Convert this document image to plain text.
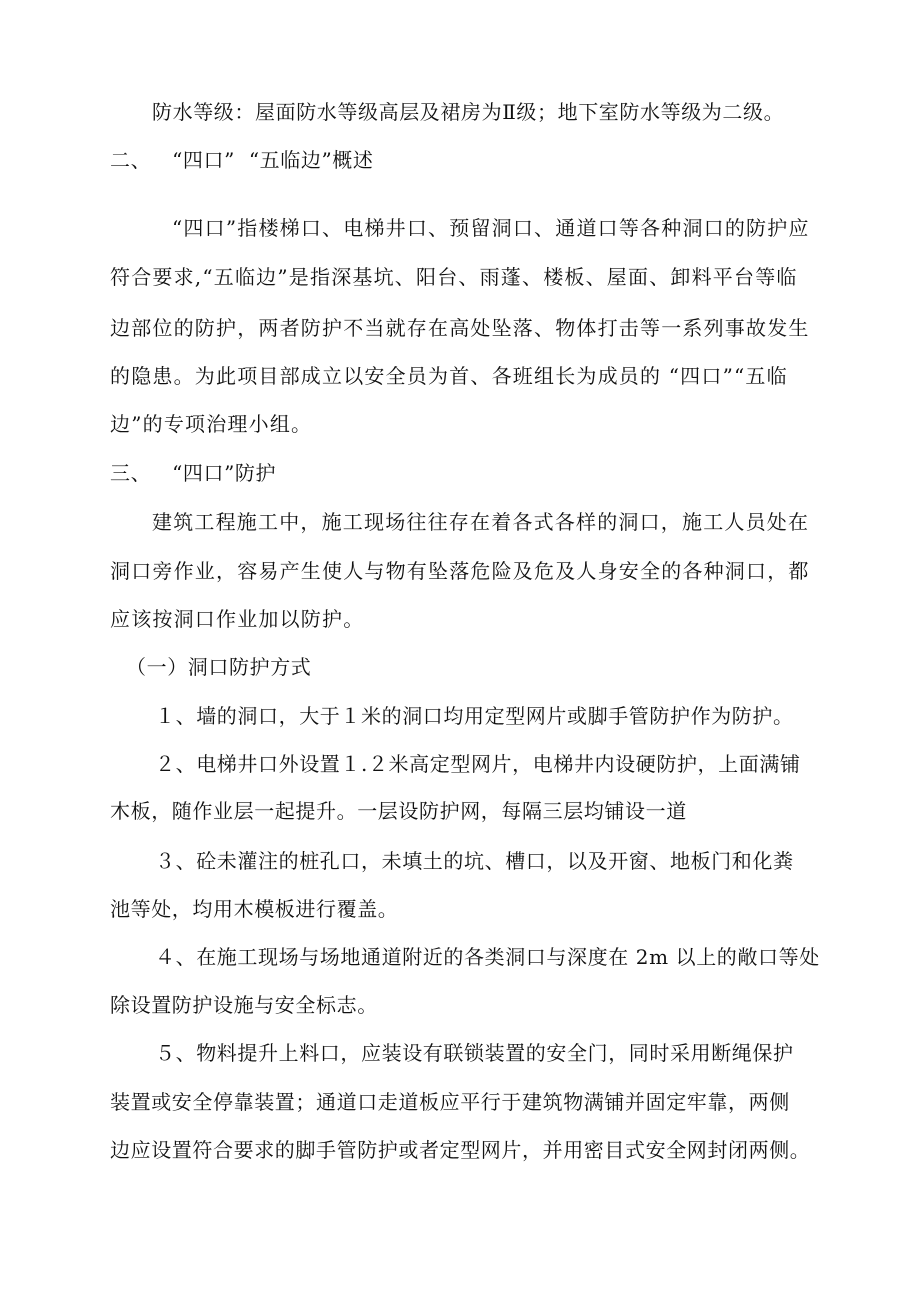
防水等级：屋面防水等级高层及裙房为Ⅱ级；地下室防水等级为二级。
二、   “四口”  “五临边”概述
“四口”指楼梯口、电梯井口、预留洞口、通道口等各种洞口的防护应
符合要求,“五临边”是指深基坑、阳台、雨蓬、楼板、屋面、卸料平台等临
边部位的防护，两者防护不当就存在高处坠落、物体打击等一系列事故发生
的隐患。为此项目部成立以安全员为首、各班组长为成员的 “四口”“五临
边”的专项治理小组。
三、   “四口”防护
建筑工程施工中，施工现场往往存在着各式各样的洞口，施工人员处在
洞口旁作业，容易产生使人与物有坠落危险及危及人身安全的各种洞口，都
应该按洞口作业加以防护。
（一）洞口防护方式
１、墙的洞口，大于１米的洞口均用定型网片或脚手管防护作为防护。
２、电梯井口外设置１.２米高定型网片，电梯井内设硬防护，上面满铺
木板，随作业层一起提升。一层设防护网，每隔三层均铺设一道
３、砼未灌注的桩孔口，未填土的坑、槽口，以及开窗、地板门和化粪
池等处，均用木模板进行覆盖。
４、在施工现场与场地通道附近的各类洞口与深度在 2m 以上的敞口等处
除设置防护设施与安全标志。
５、物料提升上料口，应装设有联锁装置的安全门，同时采用断绳保护
装置或安全停靠装置；通道口走道板应平行于建筑物满铺并固定牢靠，两侧
边应设置符合要求的脚手管防护或者定型网片，并用密目式安全网封闭两侧。
